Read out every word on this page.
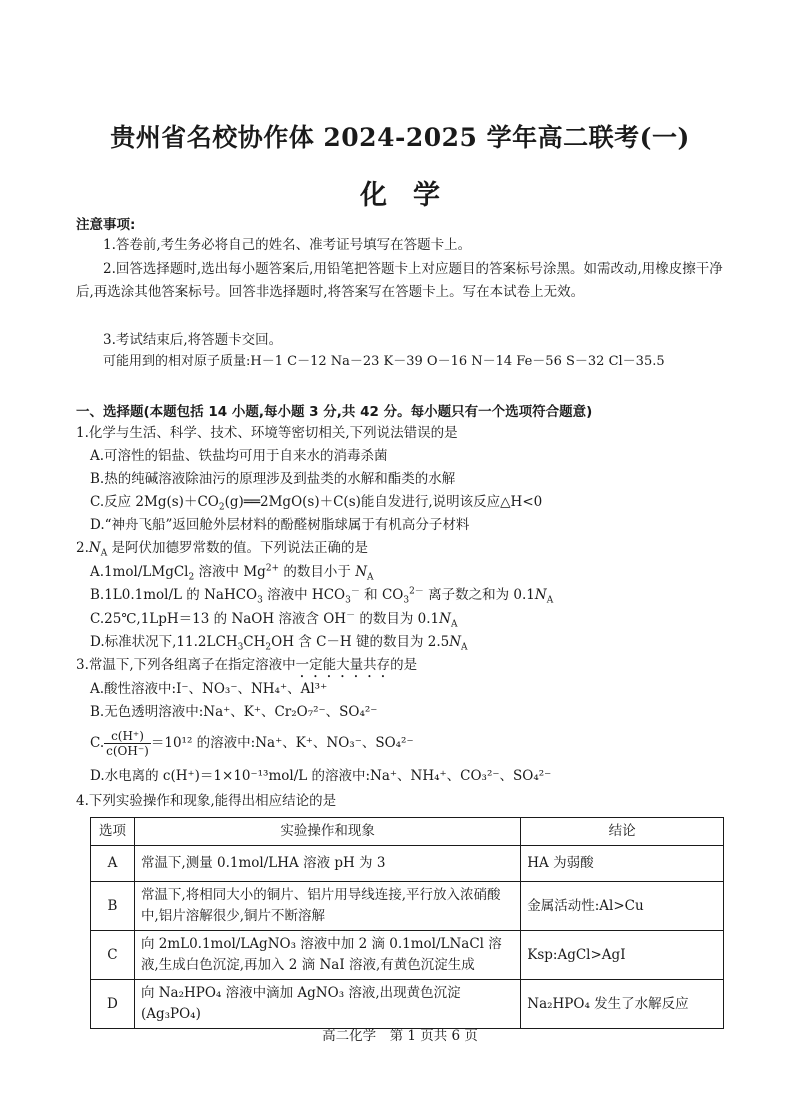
贵州省名校协作体 2024-2025 学年高二联考(一)
化学
注意事项:
1.答卷前,考生务必将自己的姓名、准考证号填写在答题卡上。
2.回答选择题时,选出每小题答案后,用铅笔把答题卡上对应题目的答案标号涂黑。如需改动,用橡皮擦干净后,再选涂其他答案标号。回答非选择题时,将答案写在答题卡上。写在本试卷上无效。
3.考试结束后,将答题卡交回。
可能用到的相对原子质量:H－1 C－12 Na－23 K－39 O－16 N－14 Fe－56 S－32 Cl－35.5
一、选择题(本题包括 14 小题,每小题 3 分,共 42 分。每小题只有一个选项符合题意)
1.化学与生活、科学、技术、环境等密切相关,下列说法错误的是
A.可溶性的铝盐、铁盐均可用于自来水的消毒杀菌
B.热的纯碱溶液除油污的原理涉及到盐类的水解和酯类的水解
C.反应 $2Mg(s)+CO_2(g)══2MgO(s)+C(s)$能自发进行,说明该反应△H<0
D.“神舟飞船”返回舱外层材料的酚醛树脂球属于有机高分子材料
$2.N_A$ 是阿伏加德罗常数的值。下列说法正确的是
A.1mol/LMgCl$_2$ 溶液中 $Mg^{2+}$ 的数目小于 $N_A$
B.1L0.1mol/L 的 NaHCO$_3$ 溶液中 $HCO_3^-$ 和 $CO_3^{2-}$ 离子数之和为 $0.1N_A$
C.25℃,1LpH＝13 的 NaOH 溶液含 OH－ 的数目为 $0.1N_A$
D.标准状况下$,11.2LCH_3CH_2OH$ 含 C－H 键的数目为 $2.5N_A$
3.常温下,下列各组离子在指定溶液中一定能大量共存的是
A.酸性溶液中:I⁻、NO₃⁻、NH₄⁺、Al³⁺
B.无色透明溶液中:Na⁺、K⁺、Cr₂O₇²⁻、SO₄²⁻
C. $\frac{c(H^+)}{c(OH^-)} =10^{12}$ 的溶液中:Na⁺、K⁺、NO₃⁻、SO₄²⁻
D.水电离的 c(H⁺)＝1×10⁻¹³mol/L 的溶液中:Na⁺、NH₄⁺、CO₃²⁻、SO₄²⁻
4.下列实验操作和现象,能得出相应结论的是
选项	实验操作和现象	结论
A	常温下,测量 0.1mol/LHA 溶液 pH 为 3	HA 为弱酸
B	常温下,将相同大小的铜片、铝片用导线连接,平行放入浓硝酸中,铝片溶解很少,铜片不断溶解	金属活动性:Al>Cu
C	向 2mL0.1mol/LAgNO₃ 溶液中加 2 滴 0.1mol/LNaCl 溶液,生成白色沉淀,再加入 2 滴 NaI 溶液,有黄色沉淀生成	Ksp:AgCl>AgI
D	向 Na₂HPO₄ 溶液中滴加 AgNO₃ 溶液,出现黄色沉淀(Ag₃PO₄)	Na₂HPO₄ 发生了水解反应
高二化学　第 1 页共 6 页
